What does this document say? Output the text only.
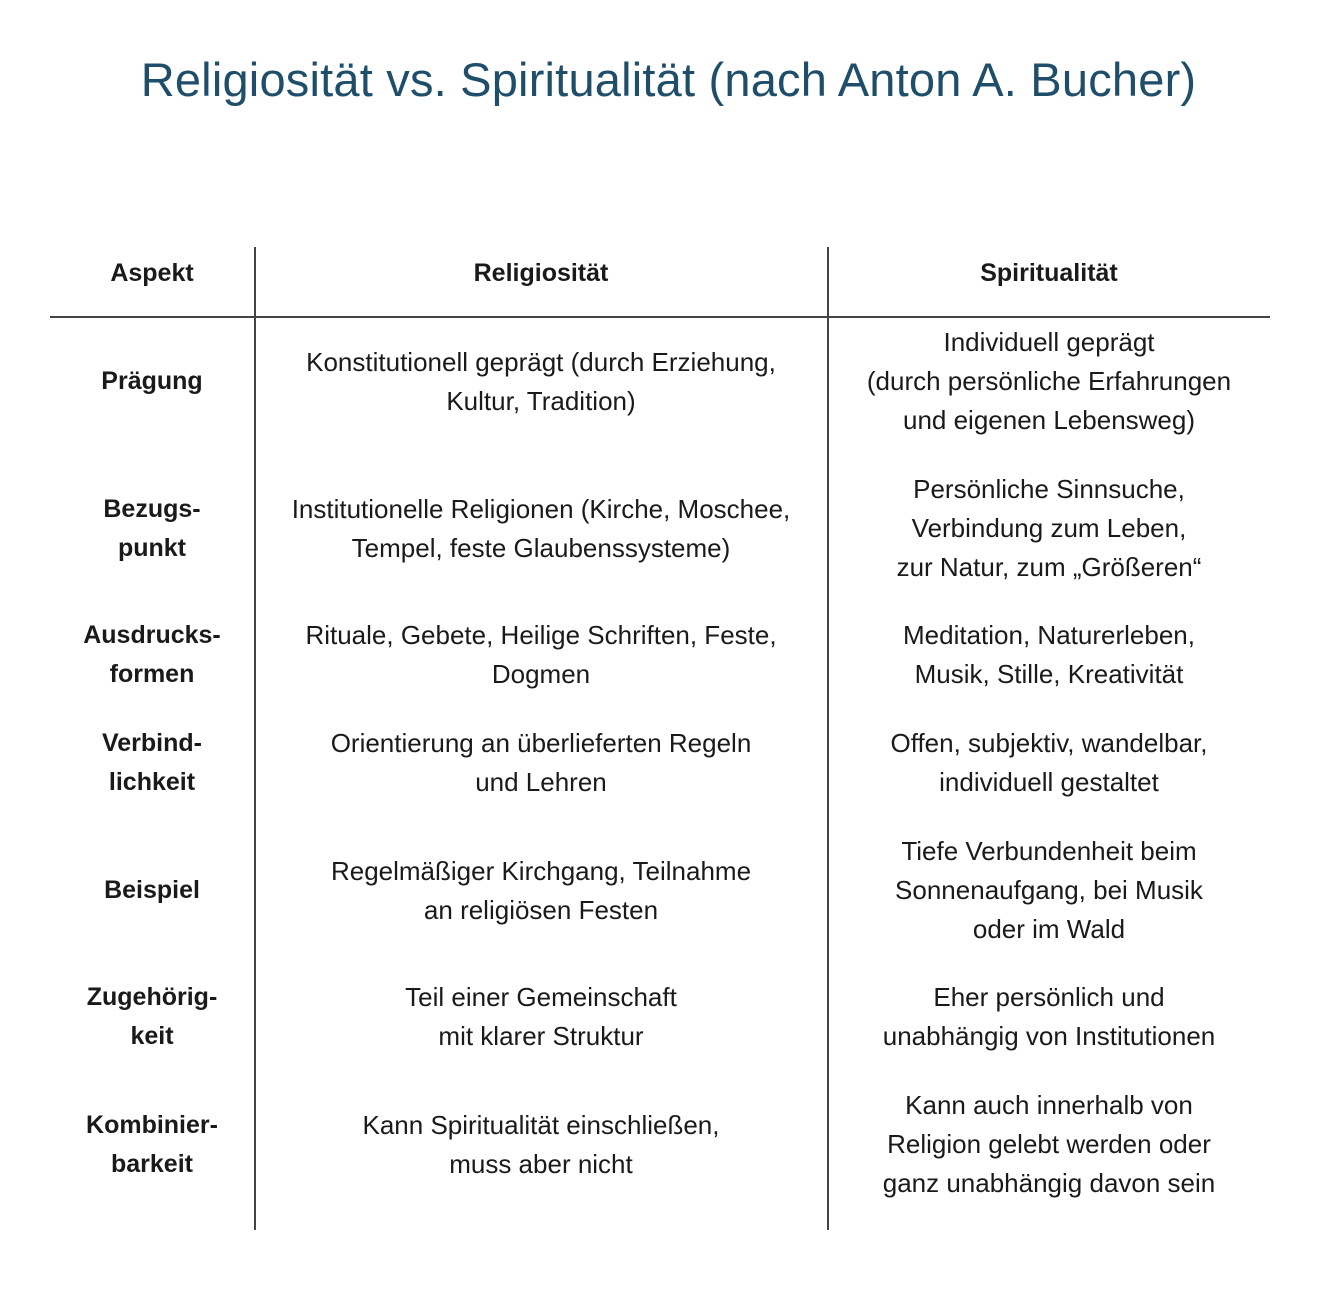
Religiosität vs. Spiritualität (nach Anton A. Bucher)
Aspekt	Religiosität	Spiritualität
Prägung
Konstitutionell geprägt (durch Erziehung,
Kultur, Tradition)
Individuell geprägt
(durch persönliche Erfahrungen
und eigenen Lebensweg)
Bezugs-
punkt
Institutionelle Religionen (Kirche, Moschee,
Tempel, feste Glaubenssysteme)
Persönliche Sinnsuche,
Verbindung zum Leben,
zur Natur, zum „Größeren“
Ausdrucks-
formen
Rituale, Gebete, Heilige Schriften, Feste,
Dogmen
Meditation, Naturerleben,
Musik, Stille, Kreativität
Verbind-
lichkeit
Orientierung an überlieferten Regeln
und Lehren
Offen, subjektiv, wandelbar,
individuell gestaltet
Beispiel
Regelmäßiger Kirchgang, Teilnahme
an religiösen Festen
Tiefe Verbundenheit beim
Sonnenaufgang, bei Musik
oder im Wald
Zugehörig-
keit
Teil einer Gemeinschaft
mit klarer Struktur
Eher persönlich und
unabhängig von Institutionen
Kombinier-
barkeit
Kann Spiritualität einschließen,
muss aber nicht
Kann auch innerhalb von
Religion gelebt werden oder
ganz unabhängig davon sein
